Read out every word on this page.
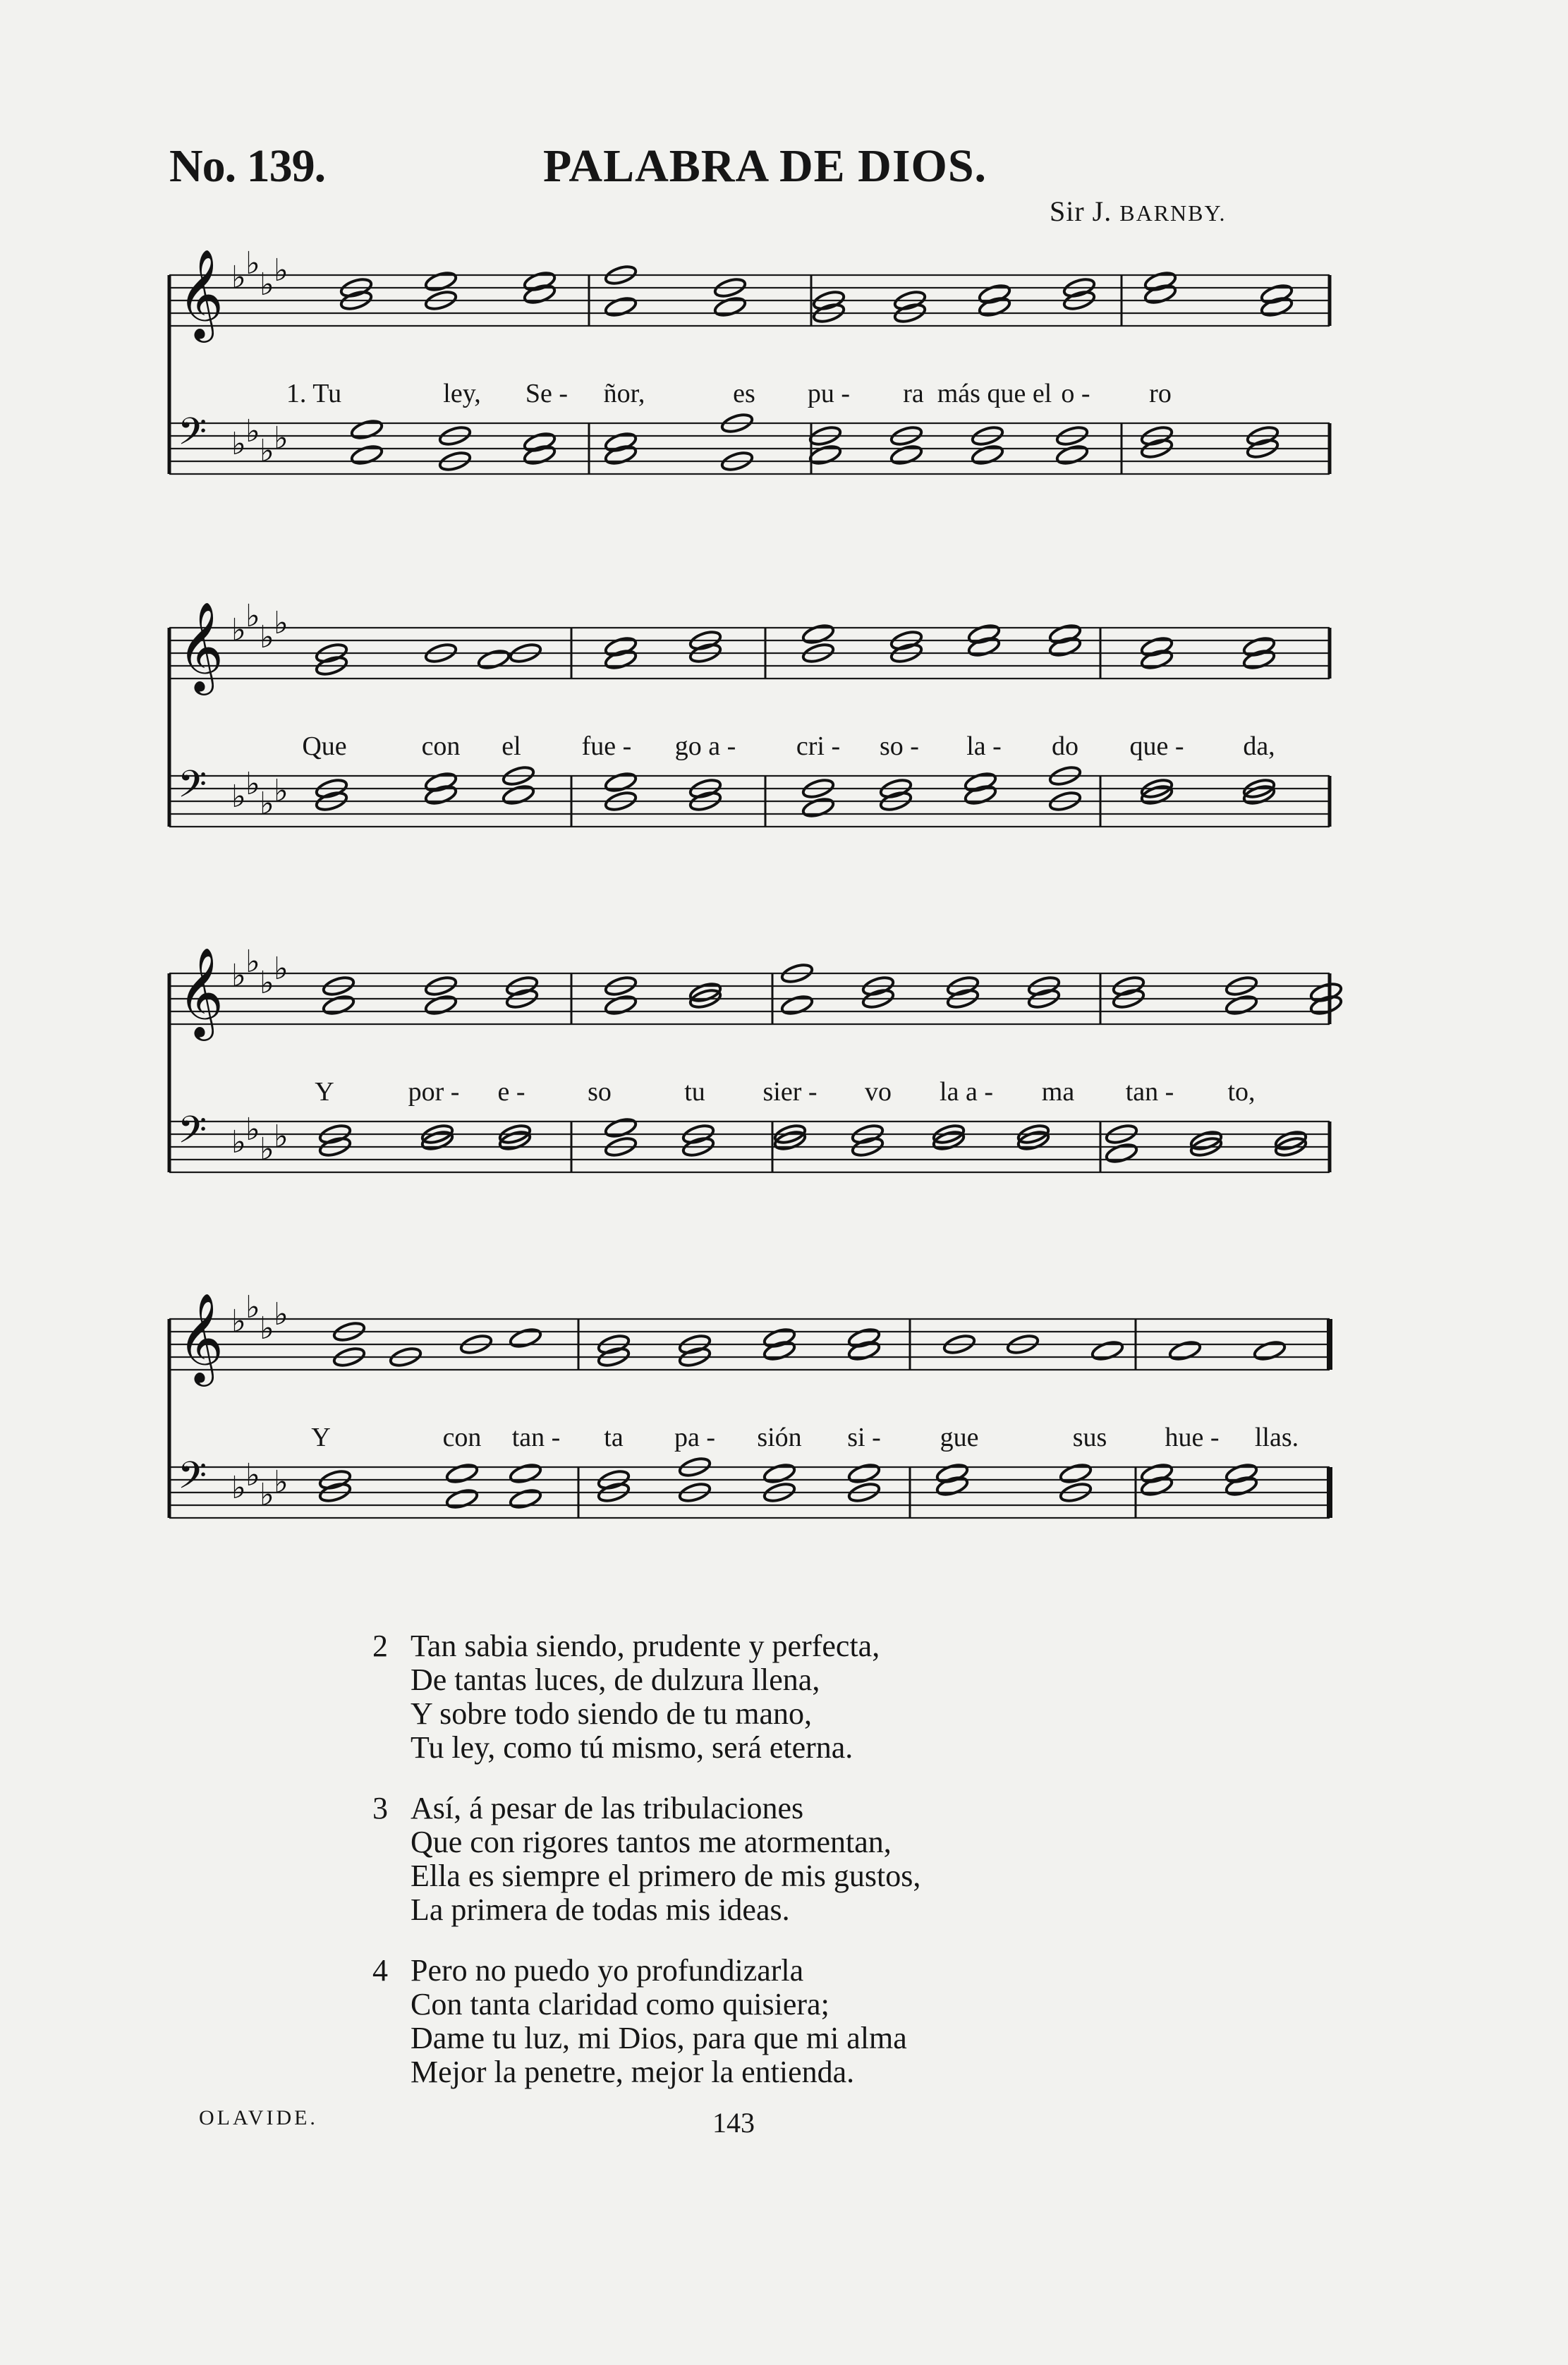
No. 139.	PALABRA DE DIOS.
Sir J. BARNBY.
𝄞 ♭ ♭
♭ ♭
𝄢 ♭ ♭
♭ ♭
1. Tu	ley, Se - ñor,	es pu - ra más que el o - ro
𝄞 ♭ ♭
♭ ♭
𝄢 ♭ ♭
♭ ♭
Que	con el fue - go a - cri - so - la - do que - da,
𝄞 ♭ ♭
♭ ♭
𝄢 ♭ ♭
♭ ♭
Y	por - e - so	tu sier - vo la a - ma tan - to,
𝄞 ♭ ♭
♭ ♭
𝄢 ♭ ♭
♭ ♭
Y	con tan - ta pa - sión si - gue	sus hue - llas.
2 Tan sabia siendo, prudente y perfecta,
De tantas luces, de dulzura llena,
Y sobre todo siendo de tu mano,
Tu ley, como tú mismo, será eterna.
3 Así, á pesar de las tribulaciones
Que con rigores tantos me atormentan,
Ella es siempre el primero de mis gustos,
La primera de todas mis ideas.
4 Pero no puedo yo profundizarla
Con tanta claridad como quisiera;
Dame tu luz, mi Dios, para que mi alma
Mejor la penetre, mejor la entienda.
OLAVIDE.	143
